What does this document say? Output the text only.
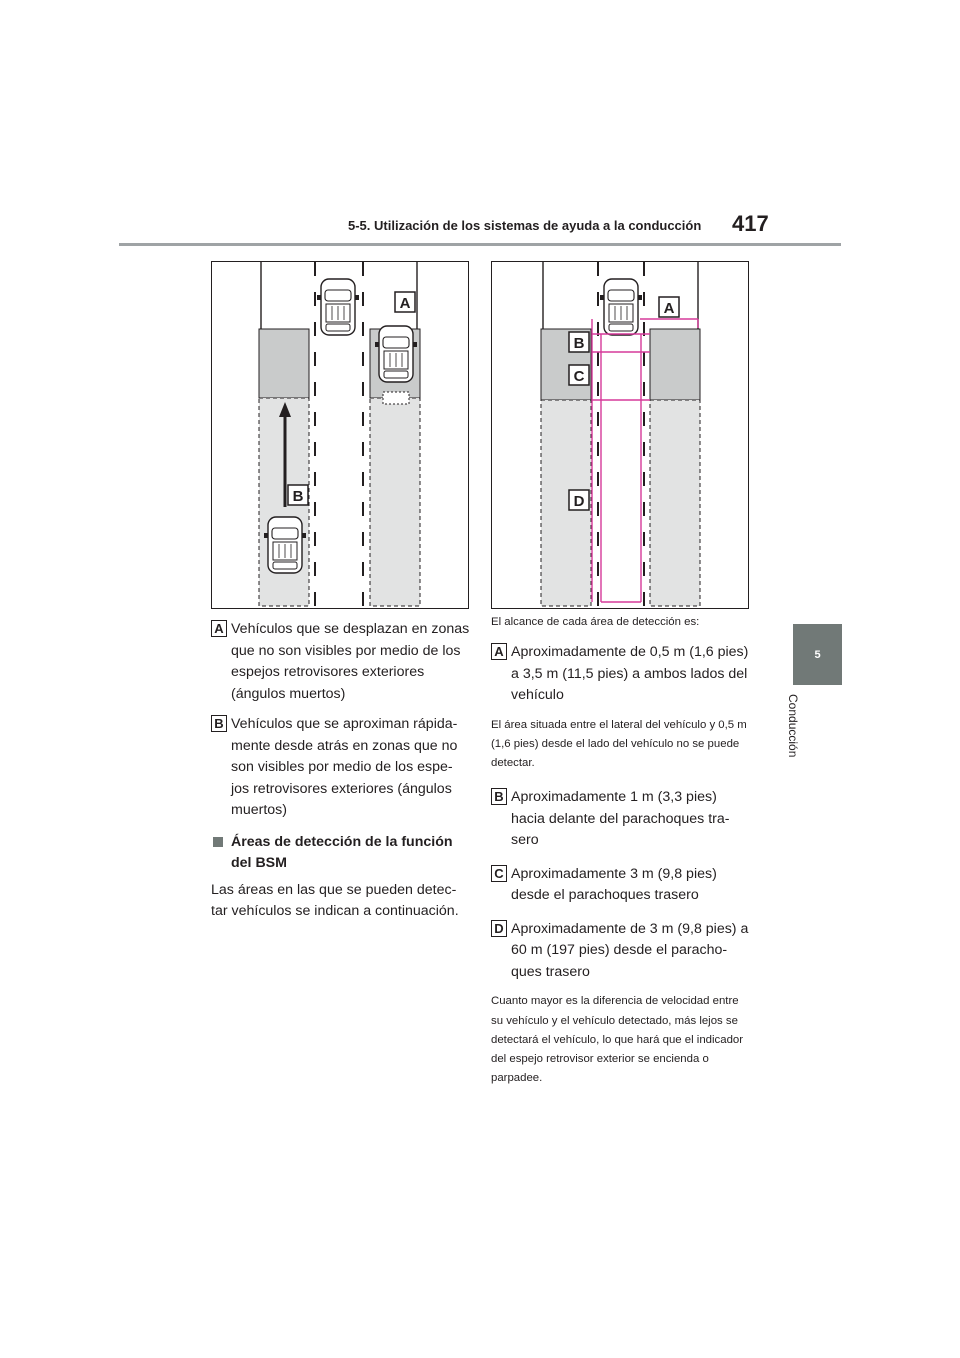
5-5. Utilización de los sistemas de ayuda a la conducción 417
5
Conducción
A
B
A
B
C
D
A Vehículos que se desplazan en zonas que no son visibles por medio de los espejos retrovisores exteriores (ángulos muertos)
B Vehículos que se aproximan rápida-mente desde atrás en zonas que no son visibles por medio de los espe-jos retrovisores exteriores (ángulos muertos)
Áreas de detección de la función del BSM
Las áreas en las que se pueden detec-tar vehículos se indican a continuación.
El alcance de cada área de detección es:
A Aproximadamente de 0,5 m (1,6 pies) a 3,5 m (11,5 pies) a ambos lados del vehículo
El área situada entre el lateral del vehículo y 0,5 m (1,6 pies) desde el lado del vehículo no se puede detectar.
B Aproximadamente 1 m (3,3 pies) hacia delante del parachoques tra-sero
C Aproximadamente 3 m (9,8 pies) desde el parachoques trasero
D Aproximadamente de 3 m (9,8 pies) a 60 m (197 pies) desde el paracho-ques trasero
Cuanto mayor es la diferencia de velocidad entre su vehículo y el vehículo detectado, más lejos se detectará el vehículo, lo que hará que el indicador del espejo retrovisor exterior se encienda o parpadee.
